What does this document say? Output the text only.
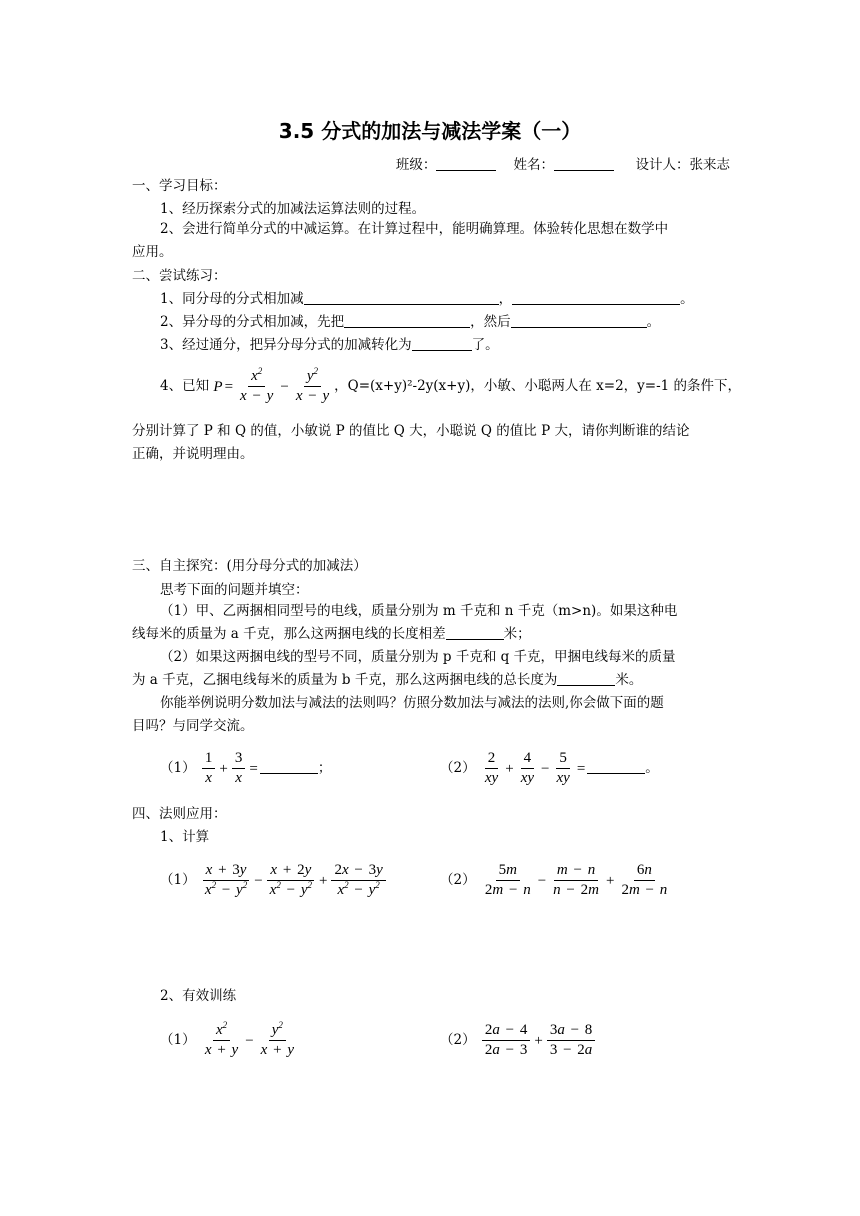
3.5 分式的加法与减法学案（一）
班级：	姓名：	设计人：张来志
一、学习目标：
1、经历探索分式的加减法运算法则的过程。
2、会进行简单分式的中减运算。在计算过程中，能明确算理。体验转化思想在数学中
应用。
二、尝试练习：
1、同分母的分式相加减	，	。
2、异分母的分式相加减，先把	，然后	。
3、经过通分，把异分母分式的加减转化为	了。
4、已知 $P = \frac{x^2}{x - y} - \frac{y^2}{x - y}$ ，Q=(x+y)²-2y(x+y)，小敏、小聪两人在 x=2，y=-1 的条件下，
分别计算了 P 和 Q 的值，小敏说 P 的值比 Q 大，小聪说 Q 的值比 P 大，请你判断谁的结论
正确，并说明理由。
三、自主探究：(用分母分式的加减法）
思考下面的问题并填空：
（1）甲、乙两捆相同型号的电线，质量分别为 m 千克和 n 千克（m>n)。如果这种电
线每米的质量为 a 千克，那么这两捆电线的长度相差	米；
（2）如果这两捆电线的型号不同，质量分别为 p 千克和 q 千克，甲捆电线每米的质量
为 a 千克，乙捆电线每米的质量为 b 千克，那么这两捆电线的总长度为	米。
你能举例说明分数加法与减法的法则吗？仿照分数加法与减法的法则,你会做下面的题
目吗？与同学交流。
$(1) \frac{1}{x} + \frac{3}{x}$ =	；	$(2) \frac{2}{xy} + \frac{4}{xy} - \frac{5}{xy}$ =	。
四、法则应用：
1、计算
$(1) \frac{x + 3y}{x^2 - y^2} - \frac{x + 2y}{x^2 - y^2} + \frac{2x - 3y}{x^2 - y^2}$	$(2) \frac{5m}{2m - n} - \frac{m - n}{n - 2m} + \frac{6n}{2m - n}$
2、有效训练
$(1) \frac{x^2}{x + y} - \frac{y^2}{x + y}$	$(2) \frac{2a - 4}{2a - 3} + \frac{3a - 8}{3 - 2a}$
